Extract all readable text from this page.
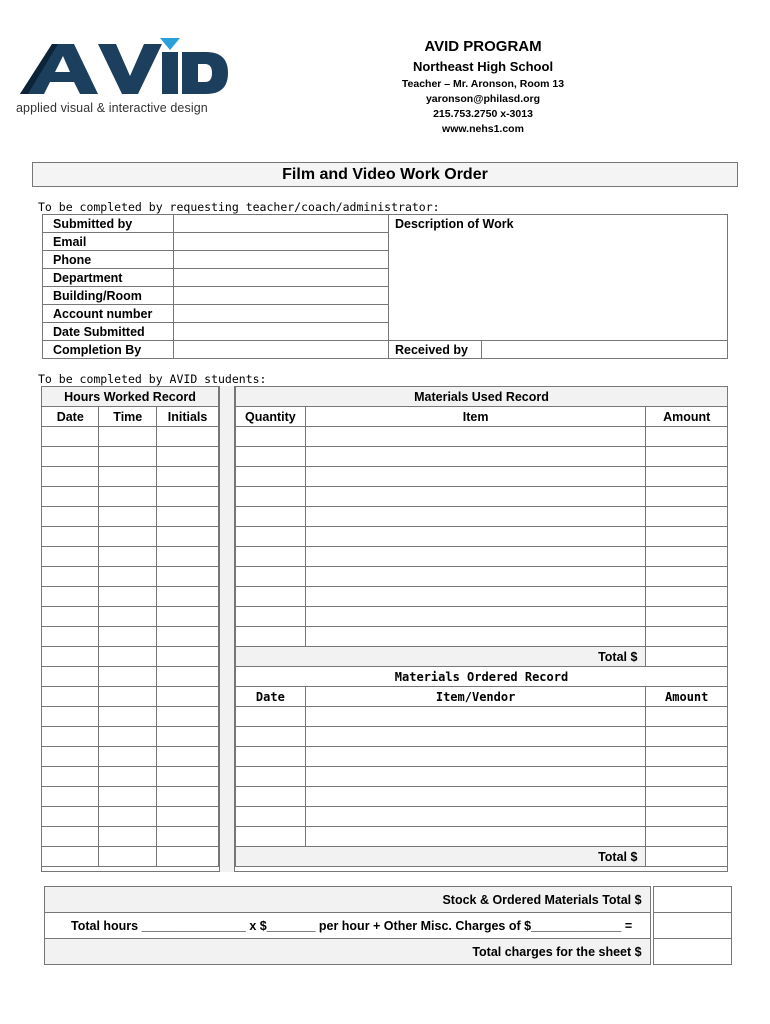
applied visual & interactive design
AVID PROGRAM
Northeast High School
Teacher – Mr. Aronson, Room 13
yaronson@philasd.org
215.753.2750 x-3013
www.nehs1.com
Film and Video Work Order
To be completed by requesting teacher/coach/administrator:
Submitted by		Description of Work	
Email			
Phone			
Department			
Building/Room			
Account number			
Date Submitted			
Completion By		Received by	
To be completed by AVID students:
Hours Worked Record		
Date	Time	Initials

Materials Used Record		
Quantity	Item	Amount

Total $		
Materials Ordered Record		
Date	Item/Vendor	Amount

Total $		
Stock & Ordered Materials Total $		
Total hours _______________ x $_______ per hour + Other Misc. Charges of $_____________ =		
Total charges for the sheet $		
